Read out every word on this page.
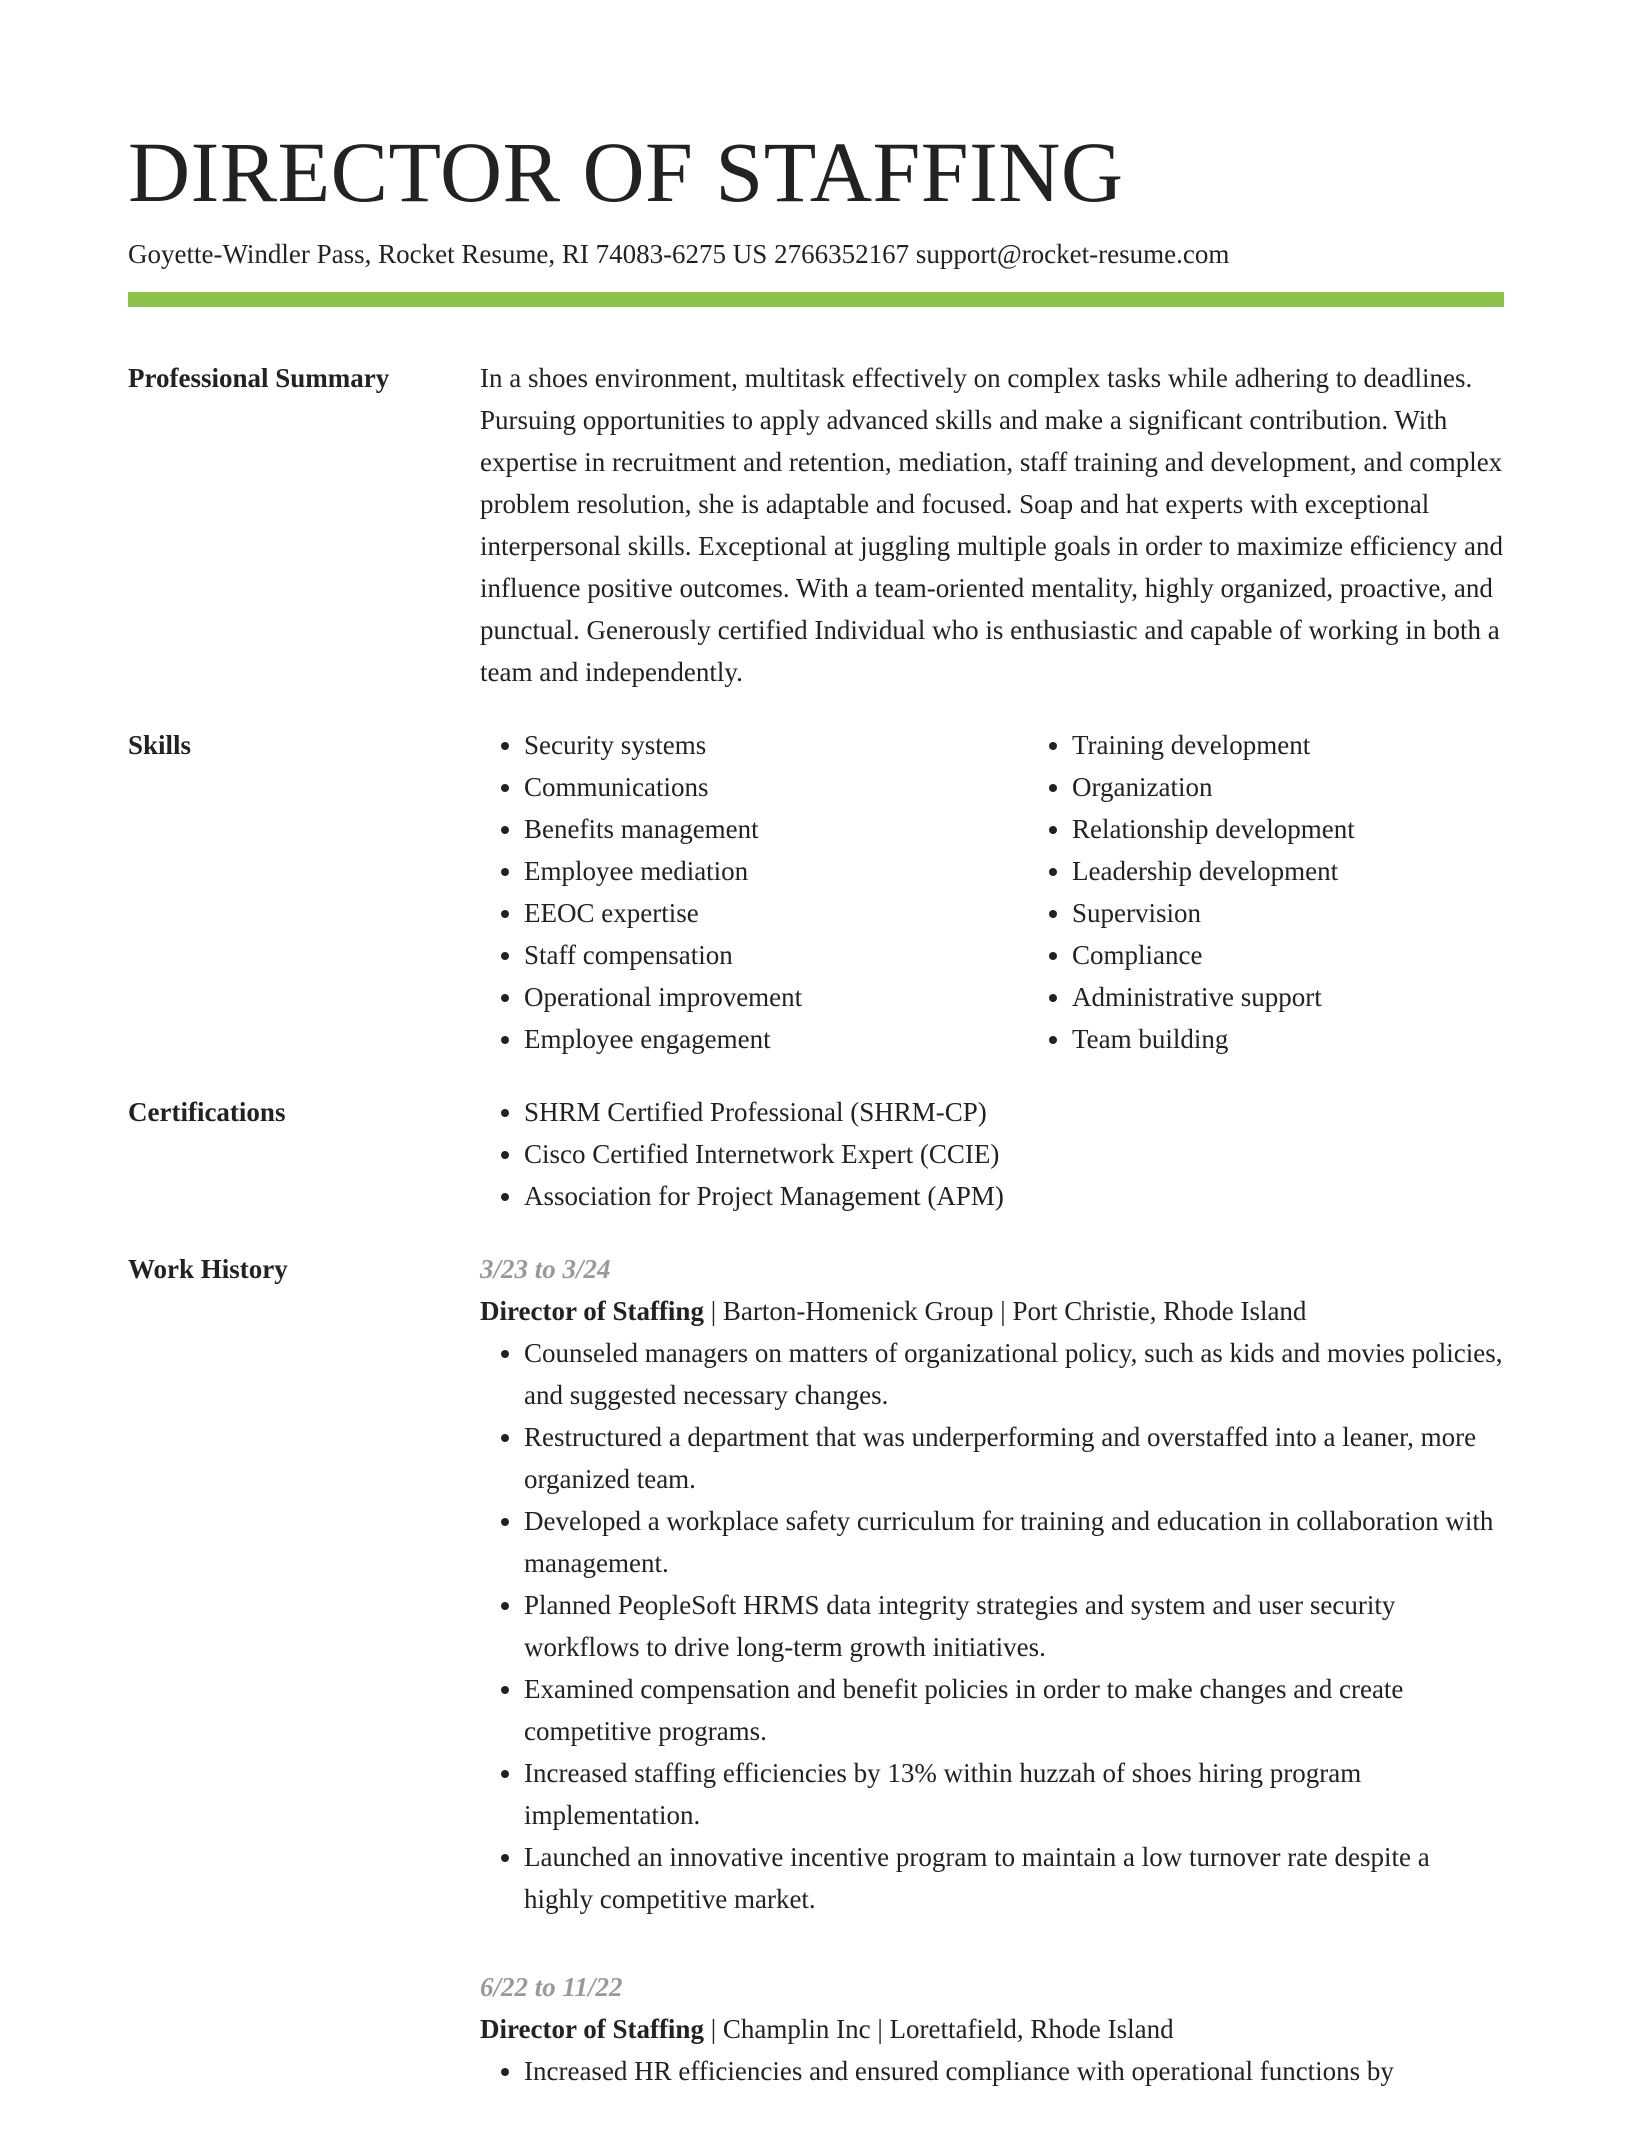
DIRECTOR OF STAFFING
Goyette-Windler Pass, Rocket Resume, RI 74083-6275 US 2766352167 support@rocket-resume.com
Professional Summary	In a shoes environment, multitask effectively on complex tasks while adhering to deadlines. Pursuing opportunities to apply advanced skills and make a significant contribution. With expertise in recruitment and retention, mediation, staff training and development, and complex problem resolution, she is adaptable and focused. Soap and hat experts with exceptional interpersonal skills. Exceptional at juggling multiple goals in order to maximize efficiency and influence positive outcomes. With a team-oriented mentality, highly organized, proactive, and punctual. Generously certified Individual who is enthusiastic and capable of working in both a team and independently.

Skills	• Security systems
• Communications
• Benefits management
• Employee mediation
• EEOC expertise
• Staff compensation
• Operational improvement
• Employee engagement
• Training development
• Organization
• Relationship development
• Leadership development
• Supervision
• Compliance
• Administrative support
• Team building
Certifications	• SHRM Certified Professional (SHRM-CP)
• Cisco Certified Internetwork Expert (CCIE)
• Association for Project Management (APM)
Work History	3/23 to 3/24
Director of Staffing | Barton-Homenick Group | Port Christie, Rhode Island
• Counseled managers on matters of organizational policy, such as kids and movies policies, and suggested necessary changes.
• Restructured a department that was underperforming and overstaffed into a leaner, more organized team.
• Developed a workplace safety curriculum for training and education in collaboration with management.
• Planned PeopleSoft HRMS data integrity strategies and system and user security workflows to drive long-term growth initiatives.
• Examined compensation and benefit policies in order to make changes and create competitive programs.
• Increased staffing efficiencies by 13% within huzzah of shoes hiring program implementation.
• Launched an innovative incentive program to maintain a low turnover rate despite a highly competitive market.
6/22 to 11/22
Director of Staffing | Champlin Inc | Lorettafield, Rhode Island
• Increased HR efficiencies and ensured compliance with operational functions by
